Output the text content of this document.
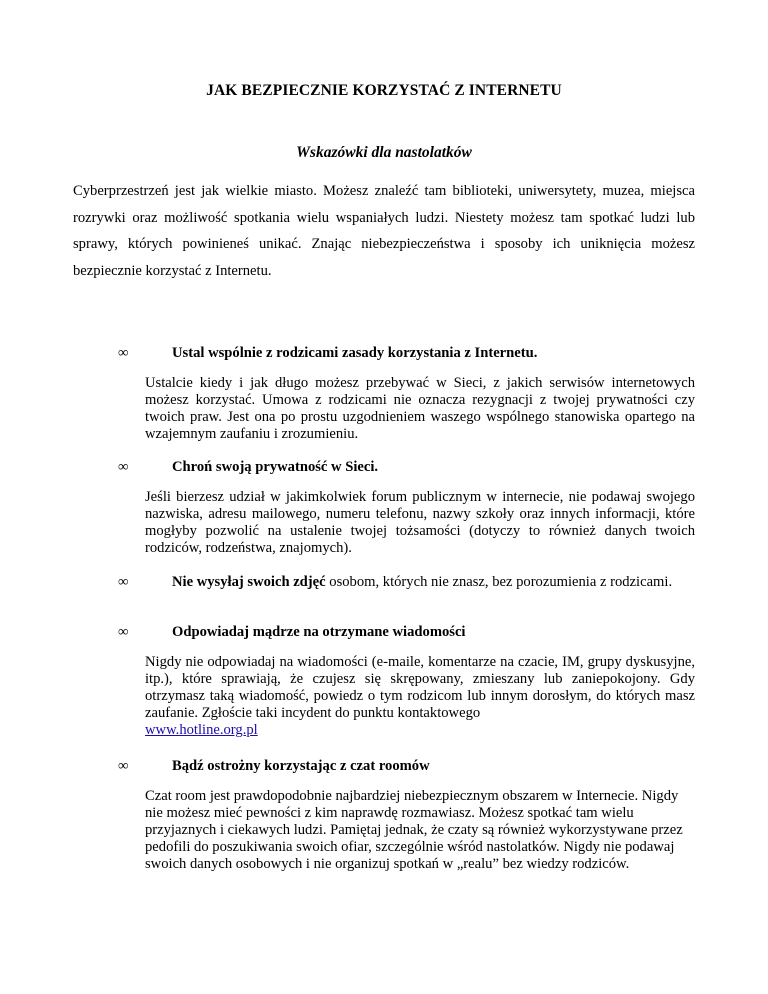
JAK BEZPIECZNIE KORZYSTAĆ Z INTERNETU
Wskazówki dla nastolatków

Cyberprzestrzeń jest jak wielkie miasto. Możesz znaleźć tam biblioteki, uniwersytety, muzea, miejsca rozrywki oraz możliwość spotkania wielu wspaniałych ludzi. Niestety możesz tam spotkać ludzi lub sprawy, których powinieneś unikać. Znając niebezpieczeństwa i sposoby ich uniknięcia możesz bezpiecznie korzystać z Internetu.

∞	Ustal wspólnie z rodzicami zasady korzystania z Internetu.

Ustalcie kiedy i jak długo możesz przebywać w Sieci, z jakich serwisów internetowych możesz korzystać. Umowa z rodzicami nie oznacza rezygnacji z twojej prywatności czy twoich praw. Jest ona po prostu uzgodnieniem waszego wspólnego stanowiska opartego na wzajemnym zaufaniu i zrozumieniu.

∞	Chroń swoją prywatność w Sieci.

Jeśli bierzesz udział w jakimkolwiek forum publicznym w internecie, nie podawaj swojego nazwiska, adresu mailowego, numeru telefonu, nazwy szkoły oraz innych informacji, które mogłyby pozwolić na ustalenie twojej tożsamości (dotyczy to również danych twoich rodziców, rodzeństwa, znajomych).

∞	Nie wysyłaj swoich zdjęć osobom, których nie znasz, bez porozumienia z rodzicami.

∞	Odpowiadaj mądrze na otrzymane wiadomości

Nigdy nie odpowiadaj na wiadomości (e-maile, komentarze na czacie, IM, grupy dyskusyjne, itp.), które sprawiają, że czujesz się skrępowany, zmieszany lub zaniepokojony. Gdy otrzymasz taką wiadomość, powiedz o tym rodzicom lub innym dorosłym, do których masz zaufanie. Zgłoście taki incydent do punktu kontaktowego
www.hotline.org.pl

∞	Bądź ostrożny korzystając z czat roomów

Czat room jest prawdopodobnie najbardziej niebezpiecznym obszarem w Internecie. Nigdy nie możesz mieć pewności z kim naprawdę rozmawiasz. Możesz spotkać tam wielu przyjaznych i ciekawych ludzi. Pamiętaj jednak, że czaty są również wykorzystywane przez pedofili do poszukiwania swoich ofiar, szczególnie wśród nastolatków. Nigdy nie podawaj swoich danych osobowych i nie organizuj spotkań w „realu” bez wiedzy rodziców.
